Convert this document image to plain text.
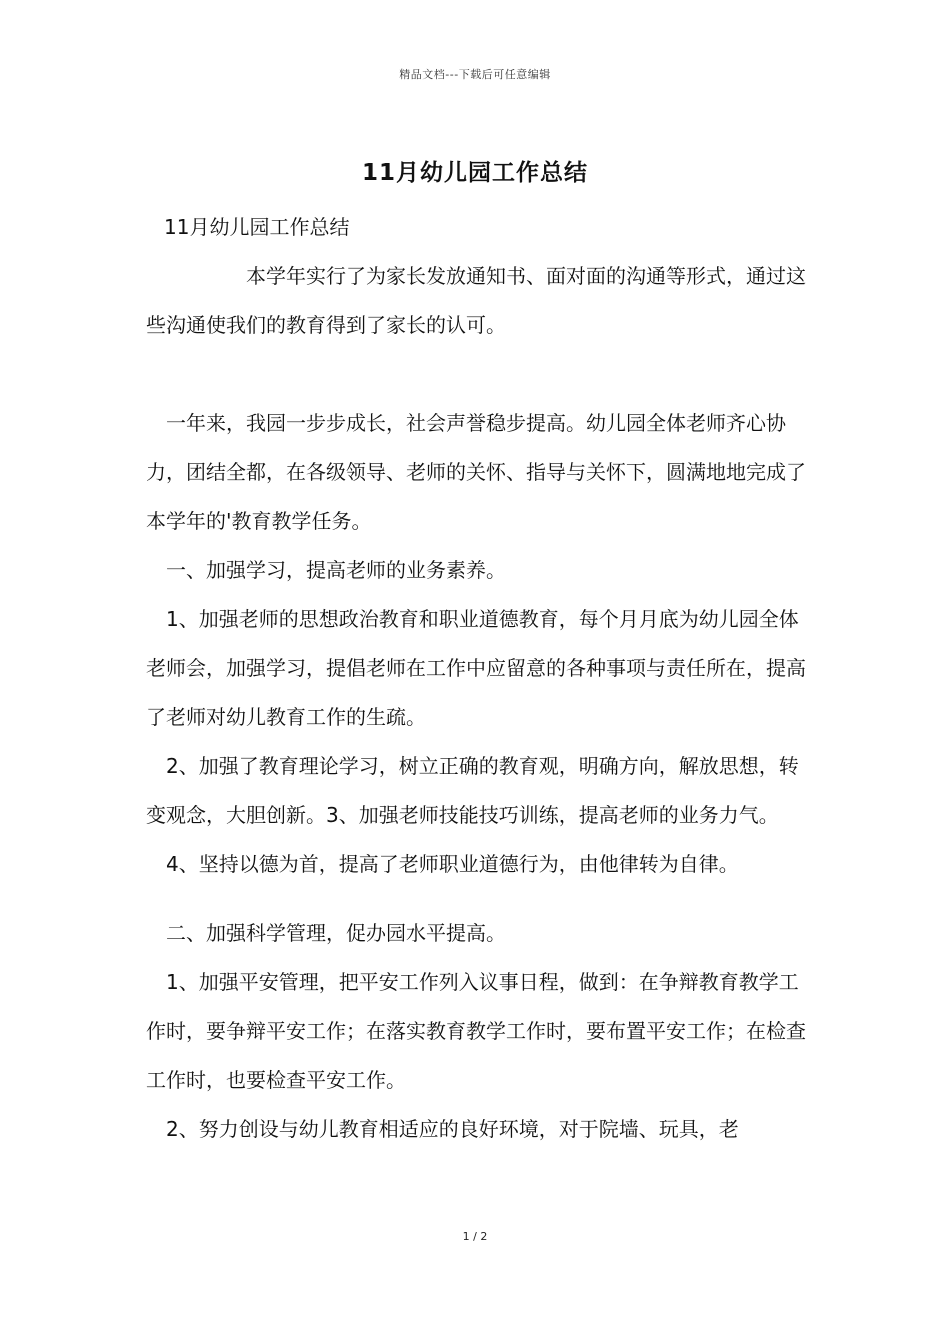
精品文档---下载后可任意编辑
11月幼儿园工作总结

11月幼儿园工作总结

本学年实行了为家长发放通知书、面对面的沟通等形式，通过这些沟通使我们的教育得到了家长的认可。

一年来，我园一步步成长，社会声誉稳步提高。幼儿园全体老师齐心协力，团结全都，在各级领导、老师的关怀、指导与关怀下，圆满地地完成了本学年的'教育教学任务。

一、加强学习，提高老师的业务素养。

1、加强老师的思想政治教育和职业道德教育，每个月月底为幼儿园全体老师会，加强学习，提倡老师在工作中应留意的各种事项与责任所在，提高了老师对幼儿教育工作的生疏。

2、加强了教育理论学习，树立正确的教育观，明确方向，解放思想，转变观念，大胆创新。3、加强老师技能技巧训练，提高老师的业务力气。

4、坚持以德为首，提高了老师职业道德行为，由他律转为自律。

二、加强科学管理，促办园水平提高。

1、加强平安管理，把平安工作列入议事日程，做到：在争辩教育教学工作时，要争辩平安工作；在落实教育教学工作时，要布置平安工作；在检查工作时，也要检查平安工作。

2、努力创设与幼儿教育相适应的良好环境，对于院墙、玩具，老

1 / 2
